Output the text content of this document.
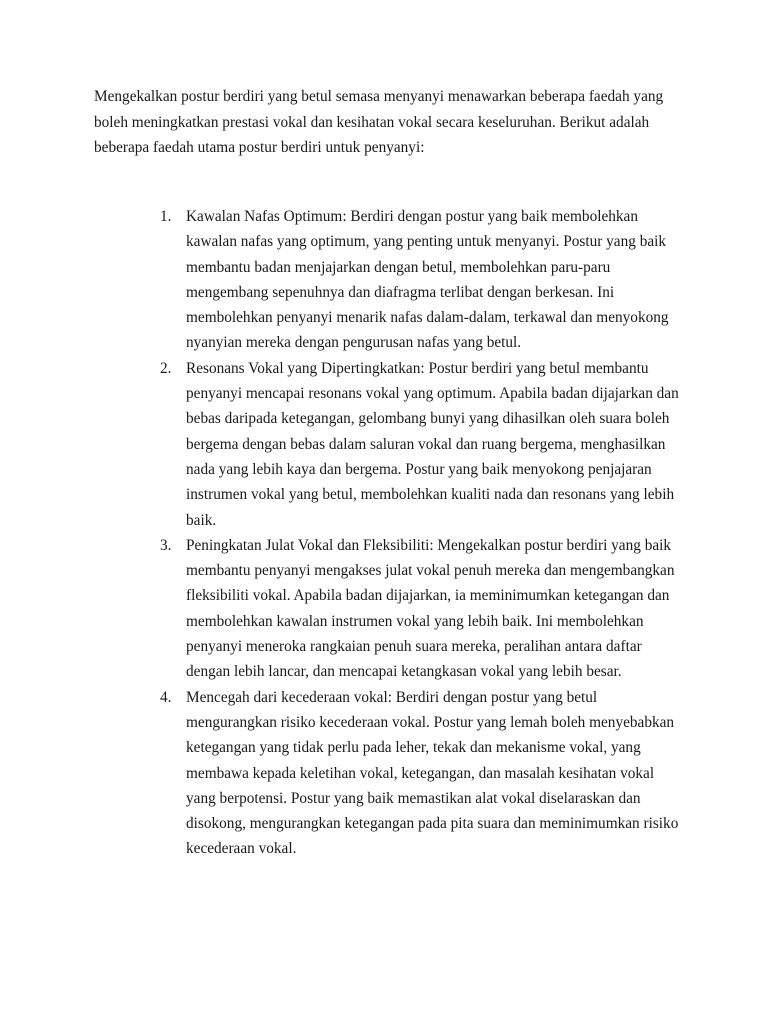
Mengekalkan postur berdiri yang betul semasa menyanyi menawarkan beberapa faedah yang boleh meningkatkan prestasi vokal dan kesihatan vokal secara keseluruhan. Berikut adalah beberapa faedah utama postur berdiri untuk penyanyi:

1. Kawalan Nafas Optimum: Berdiri dengan postur yang baik membolehkan kawalan nafas yang optimum, yang penting untuk menyanyi. Postur yang baik membantu badan menjajarkan dengan betul, membolehkan paru-paru mengembang sepenuhnya dan diafragma terlibat dengan berkesan. Ini membolehkan penyanyi menarik nafas dalam-dalam, terkawal dan menyokong nyanyian mereka dengan pengurusan nafas yang betul.
2. Resonans Vokal yang Dipertingkatkan: Postur berdiri yang betul membantu penyanyi mencapai resonans vokal yang optimum. Apabila badan dijajarkan dan bebas daripada ketegangan, gelombang bunyi yang dihasilkan oleh suara boleh bergema dengan bebas dalam saluran vokal dan ruang bergema, menghasilkan nada yang lebih kaya dan bergema. Postur yang baik menyokong penjajaran instrumen vokal yang betul, membolehkan kualiti nada dan resonans yang lebih baik.
3. Peningkatan Julat Vokal dan Fleksibiliti: Mengekalkan postur berdiri yang baik membantu penyanyi mengakses julat vokal penuh mereka dan mengembangkan fleksibiliti vokal. Apabila badan dijajarkan, ia meminimumkan ketegangan dan membolehkan kawalan instrumen vokal yang lebih baik. Ini membolehkan penyanyi meneroka rangkaian penuh suara mereka, peralihan antara daftar dengan lebih lancar, dan mencapai ketangkasan vokal yang lebih besar.
4. Mencegah dari kecederaan vokal: Berdiri dengan postur yang betul mengurangkan risiko kecederaan vokal. Postur yang lemah boleh menyebabkan ketegangan yang tidak perlu pada leher, tekak dan mekanisme vokal, yang membawa kepada keletihan vokal, ketegangan, dan masalah kesihatan vokal yang berpotensi. Postur yang baik memastikan alat vokal diselaraskan dan disokong, mengurangkan ketegangan pada pita suara dan meminimumkan risiko kecederaan vokal.
